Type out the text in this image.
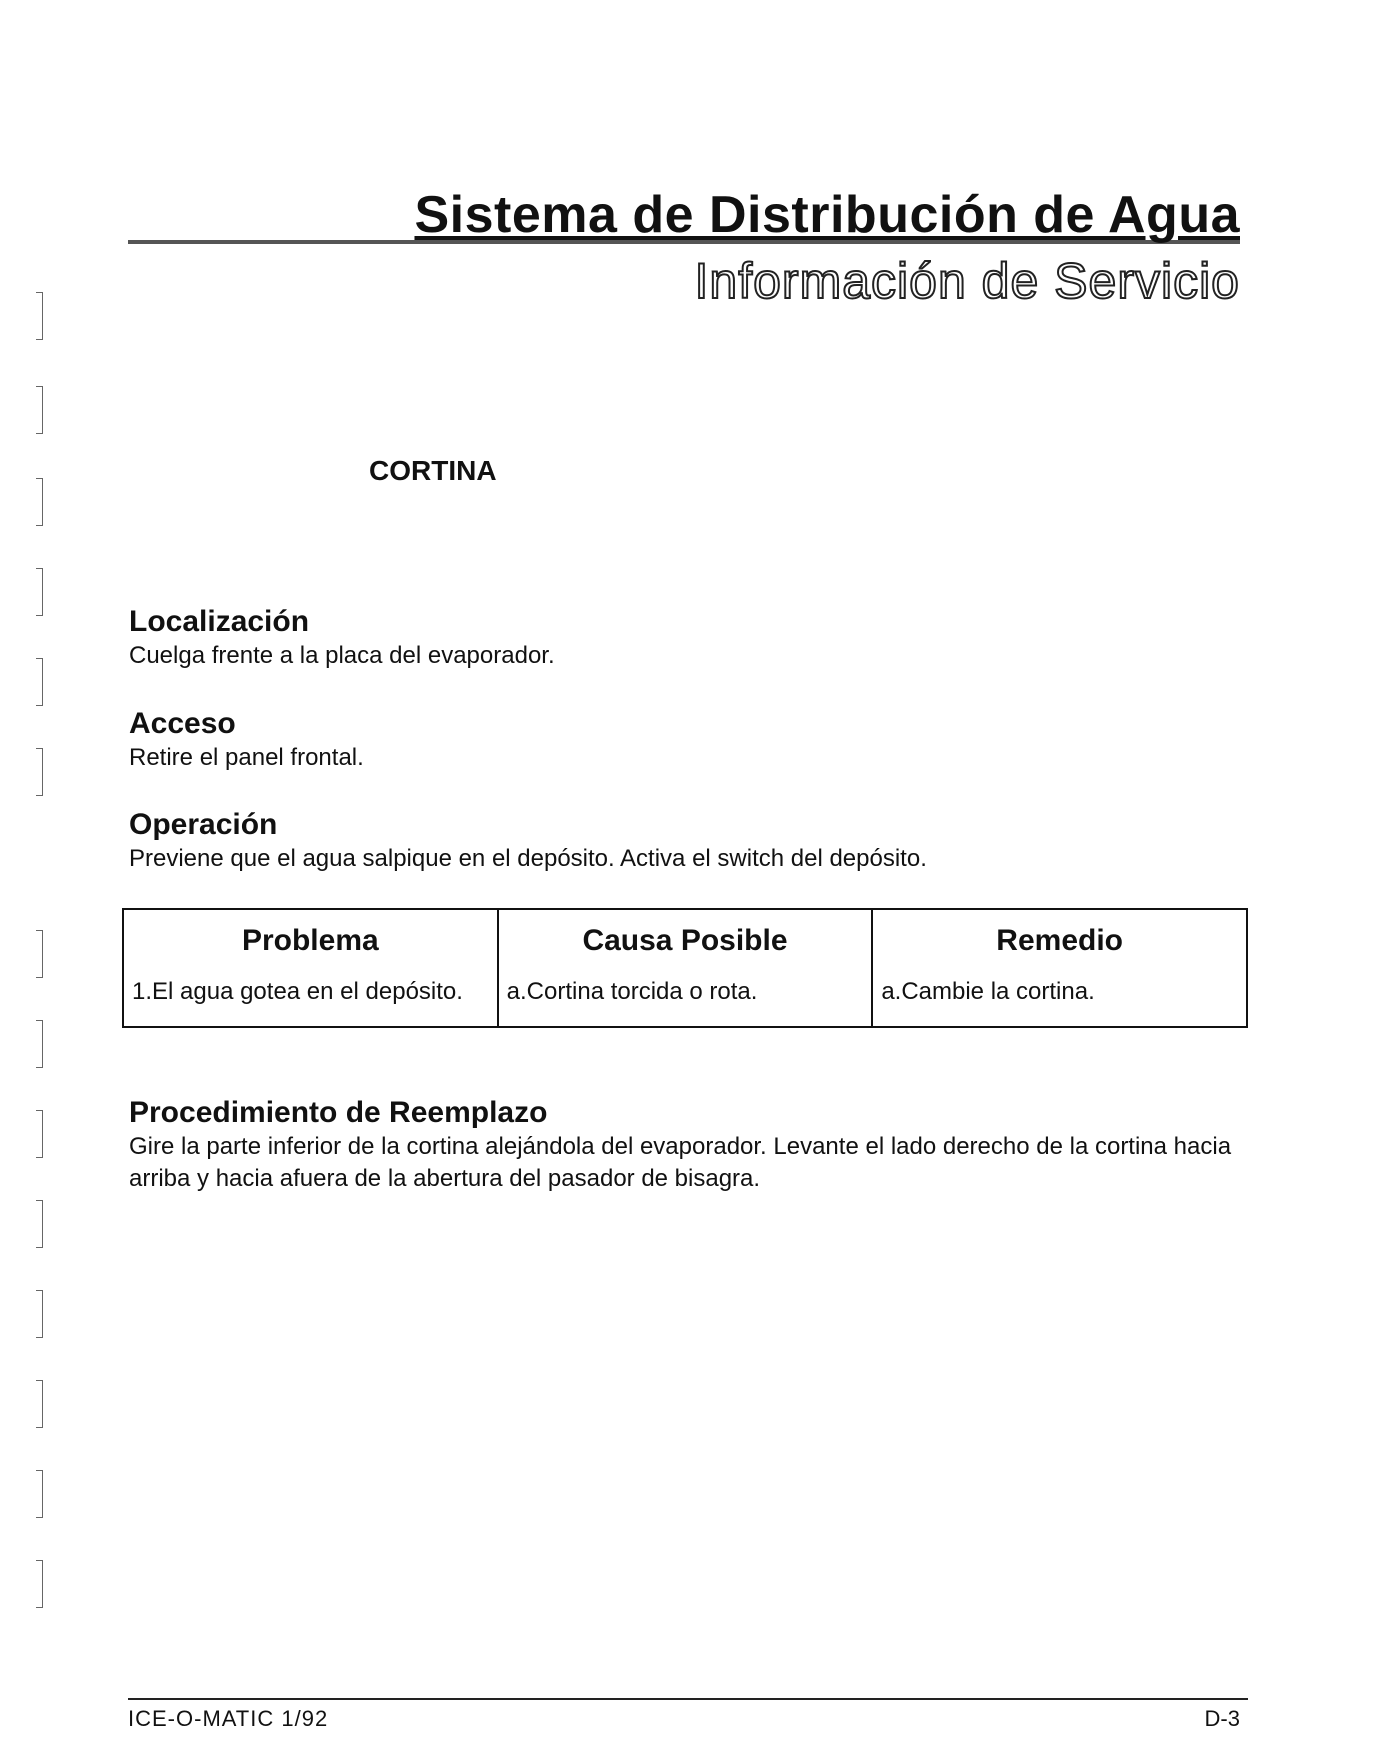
Sistema de Distribución de Agua
Información de Servicio
CORTINA
Localización

Cuelga frente a la placa del evaporador.

Acceso

Retire el panel frontal.

Operación

Previene que el agua salpique en el depósito. Activa el switch del depósito.

Problema	Causa Posible	Remedio
1.El agua gotea en el depósito.	a.Cortina torcida o rota.	a.Cambie la cortina.
Procedimiento de Reemplazo

Gire la parte inferior de la cortina alejándola del evaporador. Levante el lado derecho de la cortina hacia arriba y hacia afuera de la abertura del pasador de bisagra.

ICE-O-MATIC 1/92	D-3
